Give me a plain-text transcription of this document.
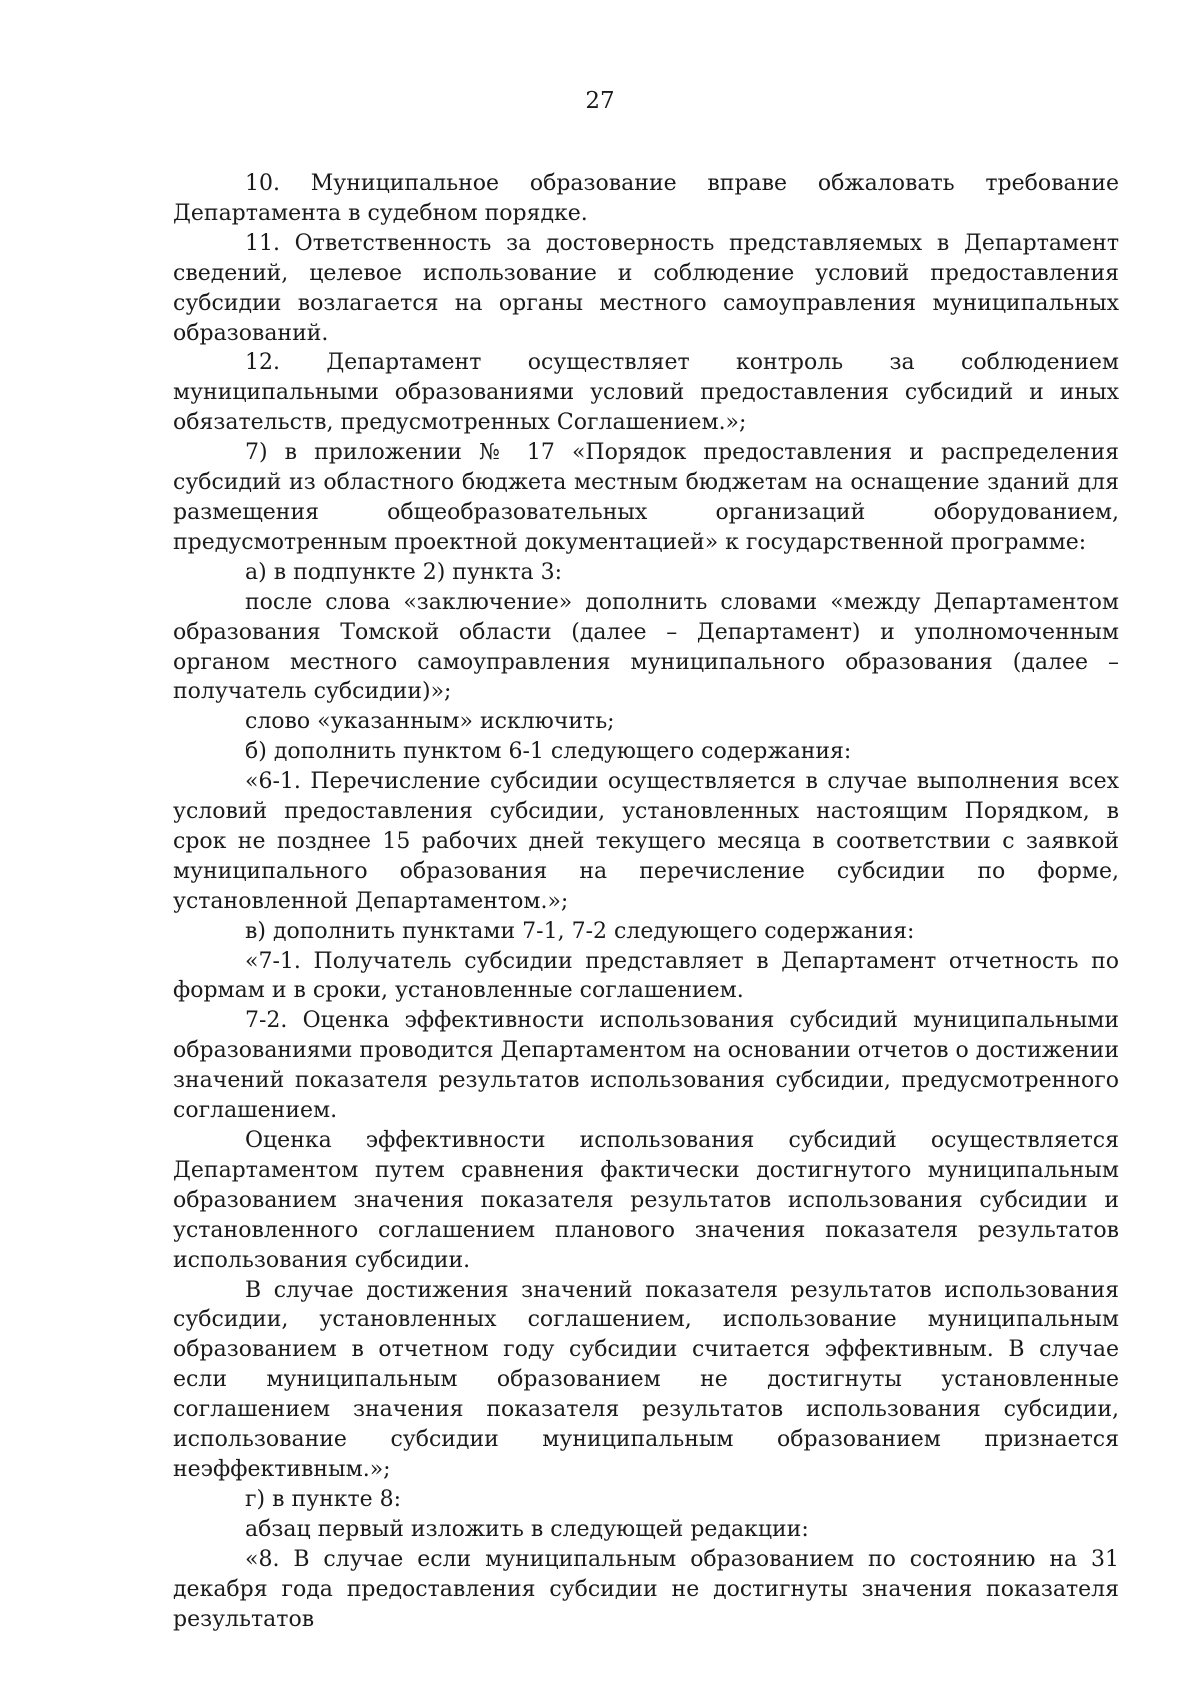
27

10. Муниципальное образование вправе обжаловать требование Департамента в судебном порядке.

11. Ответственность за достоверность представляемых в Департамент сведений, целевое использование и соблюдение условий предоставления субсидии возлагается на органы местного самоуправления муниципальных образований.

12. Департамент осуществляет контроль за соблюдением муниципальными образованиями условий предоставления субсидий и иных обязательств, предусмотренных Соглашением.»;

7) в приложении № 17 «Порядок предоставления и распределения субсидий из областного бюджета местным бюджетам на оснащение зданий для размещения общеобразовательных организаций оборудованием, предусмотренным проектной документацией» к государственной программе:

а) в подпункте 2) пункта 3:

после слова «заключение» дополнить словами «между Департаментом образования Томской области (далее – Департамент) и уполномоченным органом местного самоуправления муниципального образования (далее – получатель субсидии)»;

слово «указанным» исключить;

б) дополнить пунктом 6-1 следующего содержания:

«6-1. Перечисление субсидии осуществляется в случае выполнения всех условий предоставления субсидии, установленных настоящим Порядком, в срок не позднее 15 рабочих дней текущего месяца в соответствии с заявкой муниципального образования на перечисление субсидии по форме, установленной Департаментом.»;

в) дополнить пунктами 7-1, 7-2 следующего содержания:

«7-1. Получатель субсидии представляет в Департамент отчетность по формам и в сроки, установленные соглашением.

7-2. Оценка эффективности использования субсидий муниципальными образованиями проводится Департаментом на основании отчетов о достижении значений показателя результатов использования субсидии, предусмотренного соглашением.

Оценка эффективности использования субсидий осуществляется Департаментом путем сравнения фактически достигнутого муниципальным образованием значения показателя результатов использования субсидии и установленного соглашением планового значения показателя результатов использования субсидии.

В случае достижения значений показателя результатов использования субсидии, установленных соглашением, использование муниципальным образованием в отчетном году субсидии считается эффективным. В случае если муниципальным образованием не достигнуты установленные соглашением значения показателя результатов использования субсидии, использование субсидии муниципальным образованием признается неэффективным.»;

г) в пункте 8:

абзац первый изложить в следующей редакции:

«8. В случае если муниципальным образованием по состоянию на 31 декабря года предоставления субсидии не достигнуты значения показателя результатов
